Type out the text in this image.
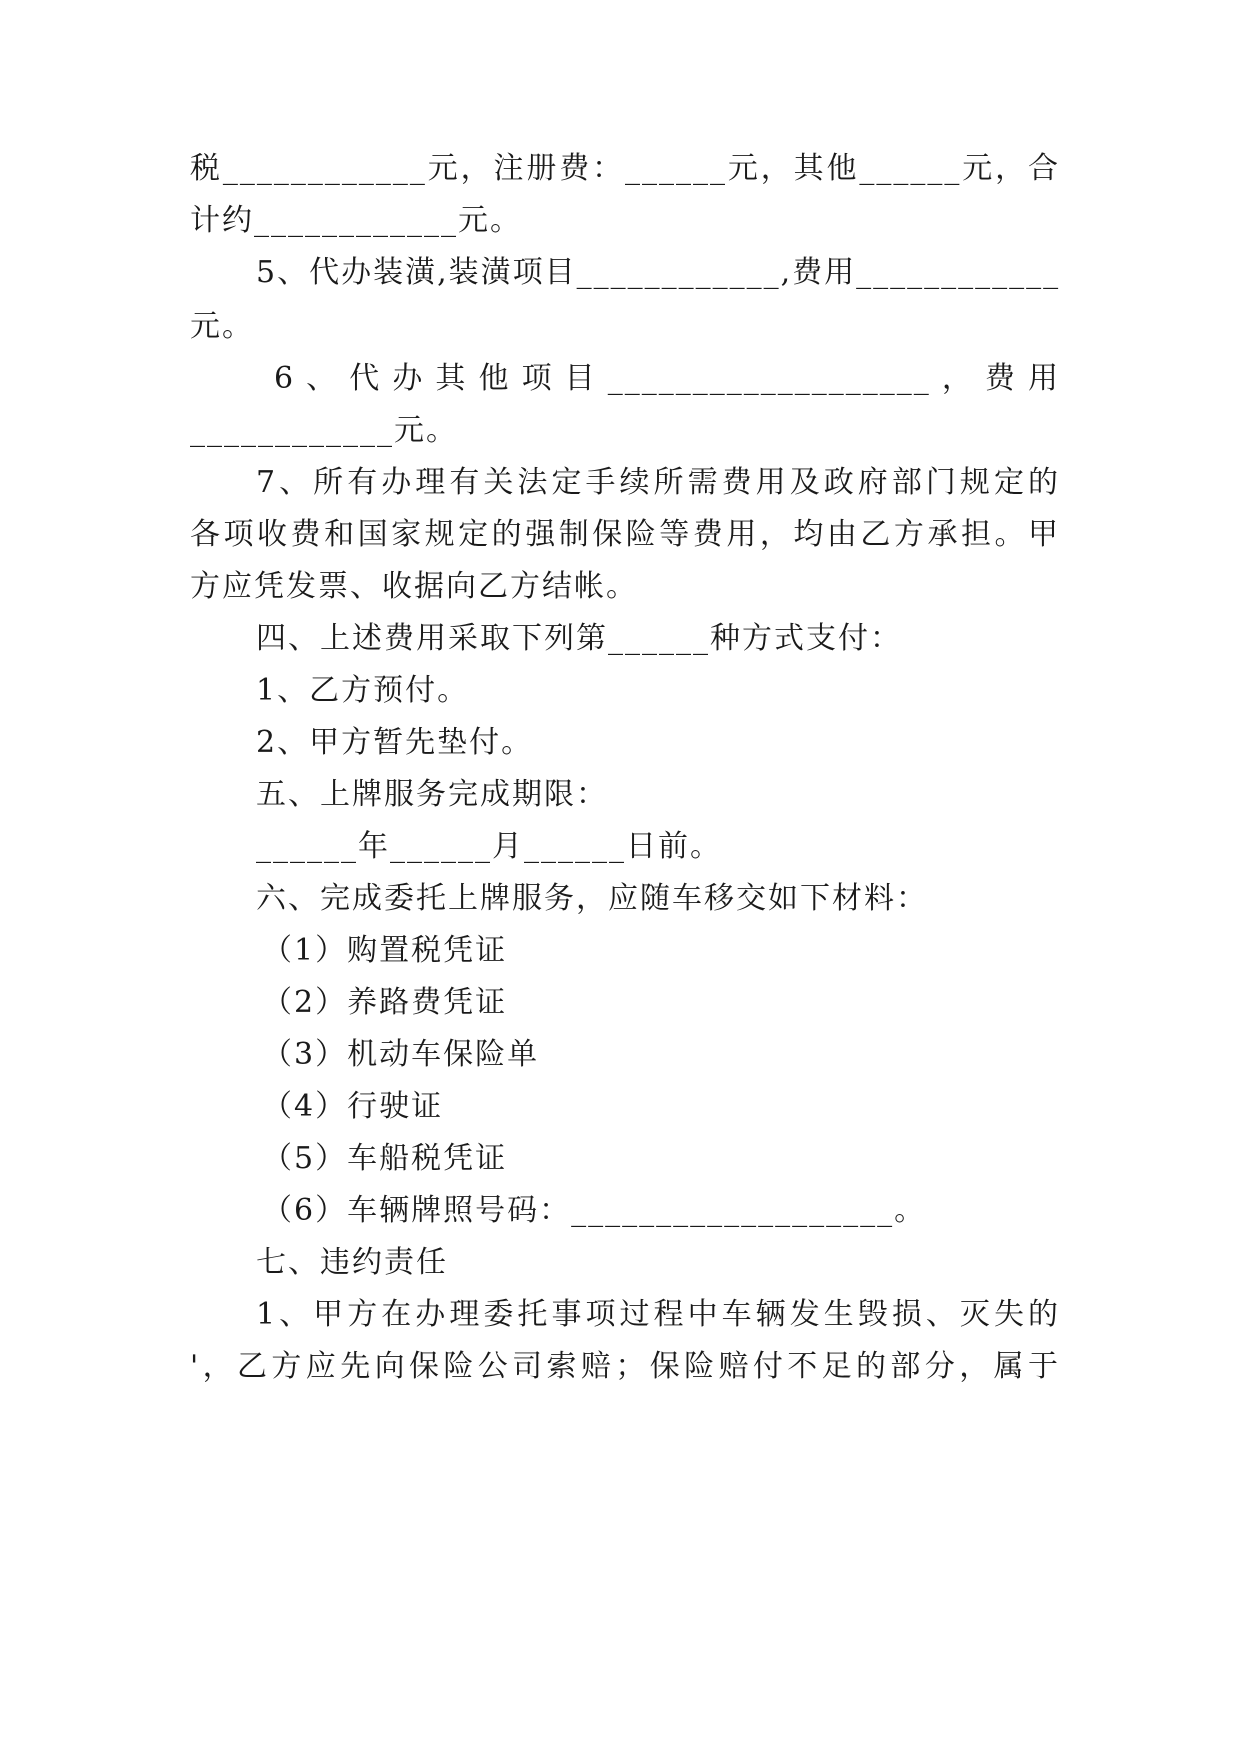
税____________元，注册费：______元，其他______元，合
计约____________元。
5、代办装潢,装潢项目____________,费用____________
元。
6、代办其他项目___________________，费用
____________元。
7、所有办理有关法定手续所需费用及政府部门规定的
各项收费和国家规定的强制保险等费用，均由乙方承担。甲
方应凭发票、收据向乙方结帐。
四、上述费用采取下列第______种方式支付：
1、乙方预付。
2、甲方暂先垫付。
五、上牌服务完成期限：
______年______月______日前。
六、完成委托上牌服务，应随车移交如下材料：
（1）购置税凭证
（2）养路费凭证
（3）机动车保险单
（4）行驶证
（5）车船税凭证
（6）车辆牌照号码：___________________。
七、违约责任
1、甲方在办理委托事项过程中车辆发生毁损、灭失的
'，乙方应先向保险公司索赔；保险赔付不足的部分，属于
